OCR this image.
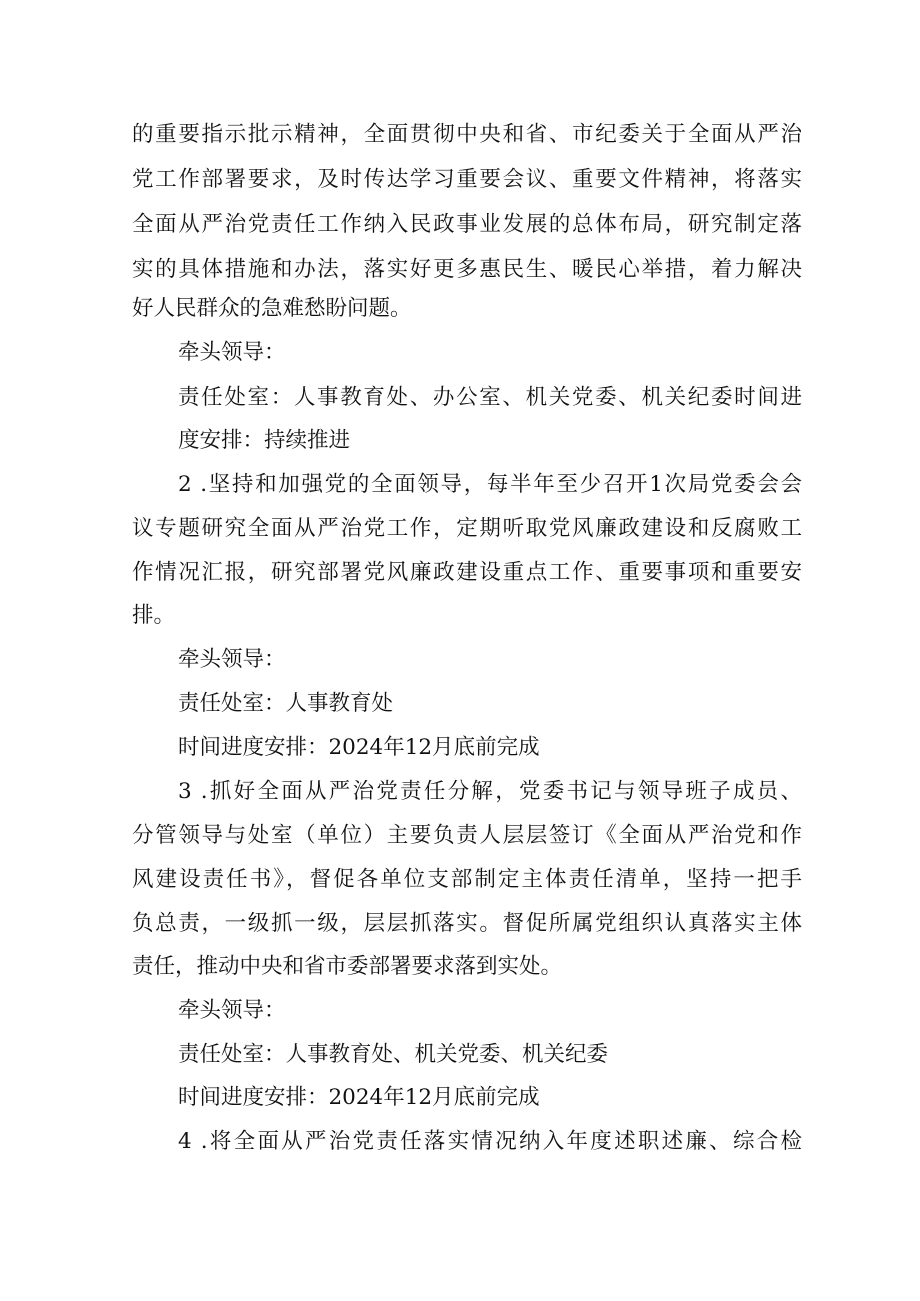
的重要指示批示精神，全面贯彻中央和省、市纪委关于全面从严治
党工作部署要求，及时传达学习重要会议、重要文件精神，将落实
全面从严治党责任工作纳入民政事业发展的总体布局，研究制定落
实的具体措施和办法，落实好更多惠民生、暖民心举措，着力解决
好人民群众的急难愁盼问题。
牵头领导：
责任处室：人事教育处、办公室、机关党委、机关纪委时间进
度安排：持续推进
2 .坚持和加强党的全面领导，每半年至少召开1次局党委会会
议专题研究全面从严治党工作，定期听取党风廉政建设和反腐败工
作情况汇报，研究部署党风廉政建设重点工作、重要事项和重要安
排。
牵头领导：
责任处室：人事教育处
时间进度安排：2024年12月底前完成
3 .抓好全面从严治党责任分解，党委书记与领导班子成员、
分管领导与处室（单位）主要负责人层层签订《全面从严治党和作
风建设责任书》，督促各单位支部制定主体责任清单，坚持一把手
负总责，一级抓一级，层层抓落实。督促所属党组织认真落实主体
责任，推动中央和省市委部署要求落到实处。
牵头领导：
责任处室：人事教育处、机关党委、机关纪委
时间进度安排：2024年12月底前完成
4 .将全面从严治党责任落实情况纳入年度述职述廉、综合检
